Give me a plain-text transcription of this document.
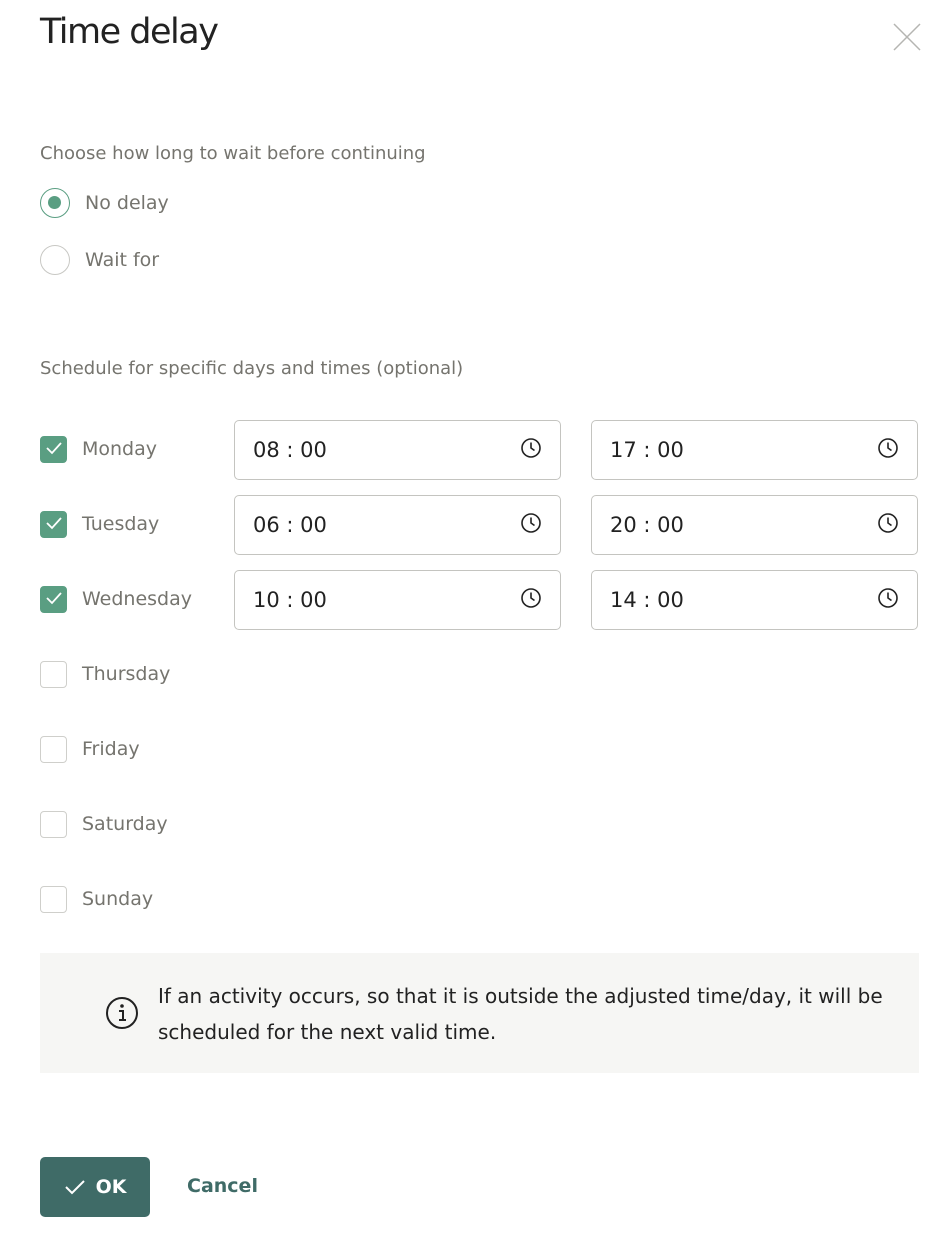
Time delay
Choose how long to wait before continuing
No delay
Wait for
Schedule for specific days and times (optional)
Monday	08 : 00	17 : 00
Tuesday	06 : 00	20 : 00
Wednesday	10 : 00	14 : 00
Thursday
Friday
Saturday
Sunday
If an activity occurs, so that it is outside the adjusted time/day, it will be scheduled for the next valid time.
OK	Cancel
